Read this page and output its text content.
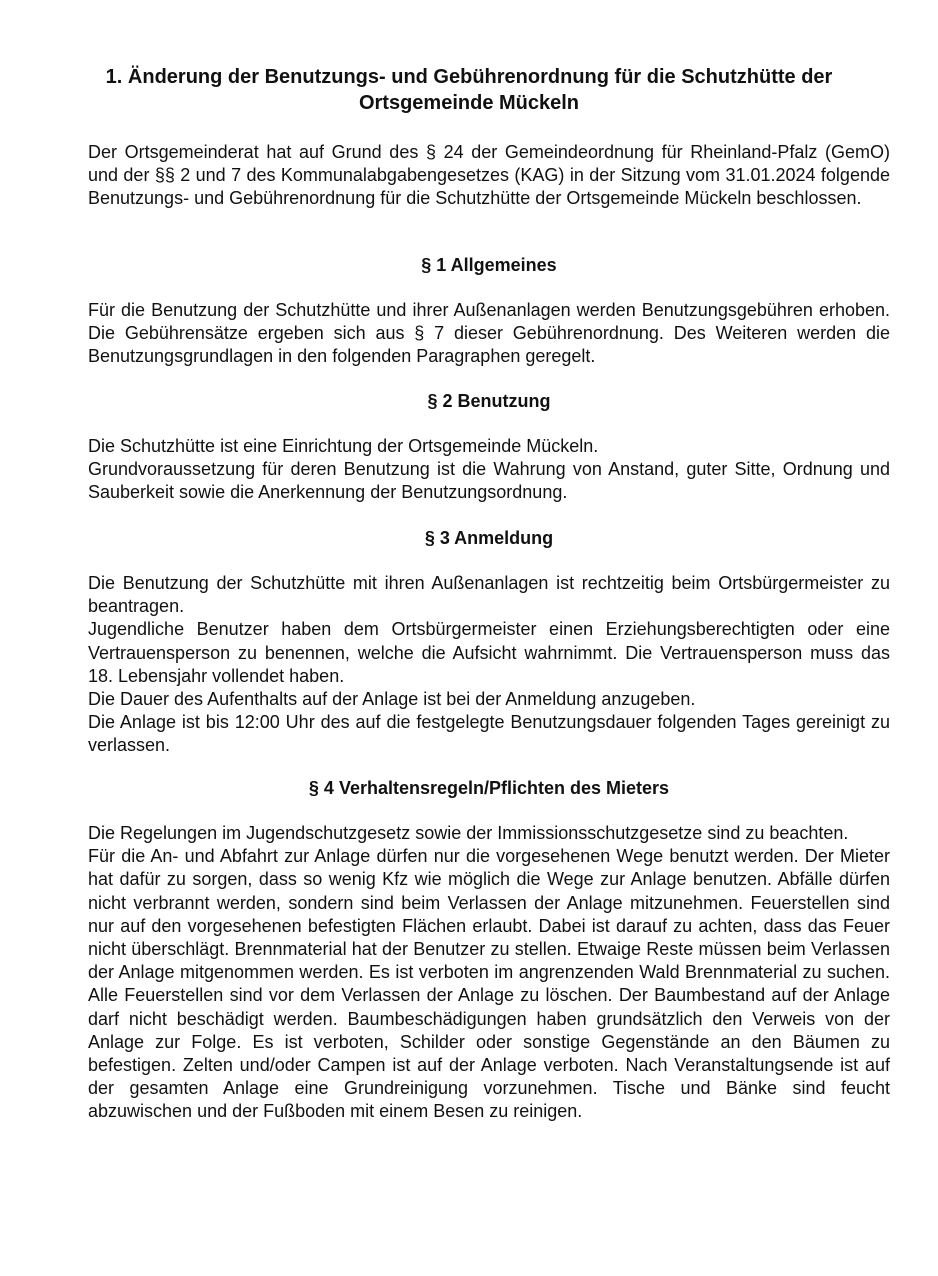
1. Änderung der Benutzungs- und Gebührenordnung für die Schutzhütte der Ortsgemeinde Mückeln

Der Ortsgemeinderat hat auf Grund des § 24 der Gemeindeordnung für Rheinland-Pfalz (GemO) und der §§ 2 und 7 des Kommunalabgabengesetzes (KAG) in der Sitzung vom 31.01.2024 folgende Benutzungs- und Gebührenordnung für die Schutzhütte der Ortsgemeinde Mückeln beschlossen.

§ 1 Allgemeines

Für die Benutzung der Schutzhütte und ihrer Außenanlagen werden Benutzungsgebühren erhoben. Die Gebührensätze ergeben sich aus § 7 dieser Gebührenordnung. Des Weiteren werden die Benutzungsgrundlagen in den folgenden Paragraphen geregelt.

§ 2 Benutzung

Die Schutzhütte ist eine Einrichtung der Ortsgemeinde Mückeln.

Grundvoraussetzung für deren Benutzung ist die Wahrung von Anstand, guter Sitte, Ordnung und Sauberkeit sowie die Anerkennung der Benutzungsordnung.

§ 3 Anmeldung

Die Benutzung der Schutzhütte mit ihren Außenanlagen ist rechtzeitig beim Ortsbürgermeister zu beantragen.

Jugendliche Benutzer haben dem Ortsbürgermeister einen Erziehungsberechtigten oder eine Vertrauensperson zu benennen, welche die Aufsicht wahrnimmt. Die Vertrauensperson muss das 18. Lebensjahr vollendet haben.

Die Dauer des Aufenthalts auf der Anlage ist bei der Anmeldung anzugeben.

Die Anlage ist bis 12:00 Uhr des auf die festgelegte Benutzungsdauer folgenden Tages gereinigt zu verlassen.

§ 4 Verhaltensregeln/Pflichten des Mieters

Die Regelungen im Jugendschutzgesetz sowie der Immissionsschutzgesetze sind zu beachten.

Für die An- und Abfahrt zur Anlage dürfen nur die vorgesehenen Wege benutzt werden. Der Mieter hat dafür zu sorgen, dass so wenig Kfz wie möglich die Wege zur Anlage benutzen. Abfälle dürfen nicht verbrannt werden, sondern sind beim Verlassen der Anlage mitzunehmen. Feuerstellen sind nur auf den vorgesehenen befestigten Flächen erlaubt. Dabei ist darauf zu achten, dass das Feuer nicht überschlägt. Brennmaterial hat der Benutzer zu stellen. Etwaige Reste müssen beim Verlassen der Anlage mitgenommen werden. Es ist verboten im angrenzenden Wald Brennmaterial zu suchen. Alle Feuerstellen sind vor dem Verlassen der Anlage zu löschen. Der Baumbestand auf der Anlage darf nicht beschädigt werden. Baumbeschädigungen haben grundsätzlich den Verweis von der Anlage zur Folge. Es ist verboten, Schilder oder sonstige Gegenstände an den Bäumen zu befestigen. Zelten und/oder Campen ist auf der Anlage verboten. Nach Veranstaltungsende ist auf der gesamten Anlage eine Grundreinigung vorzunehmen. Tische und Bänke sind feucht abzuwischen und der Fußboden mit einem Besen zu reinigen.
